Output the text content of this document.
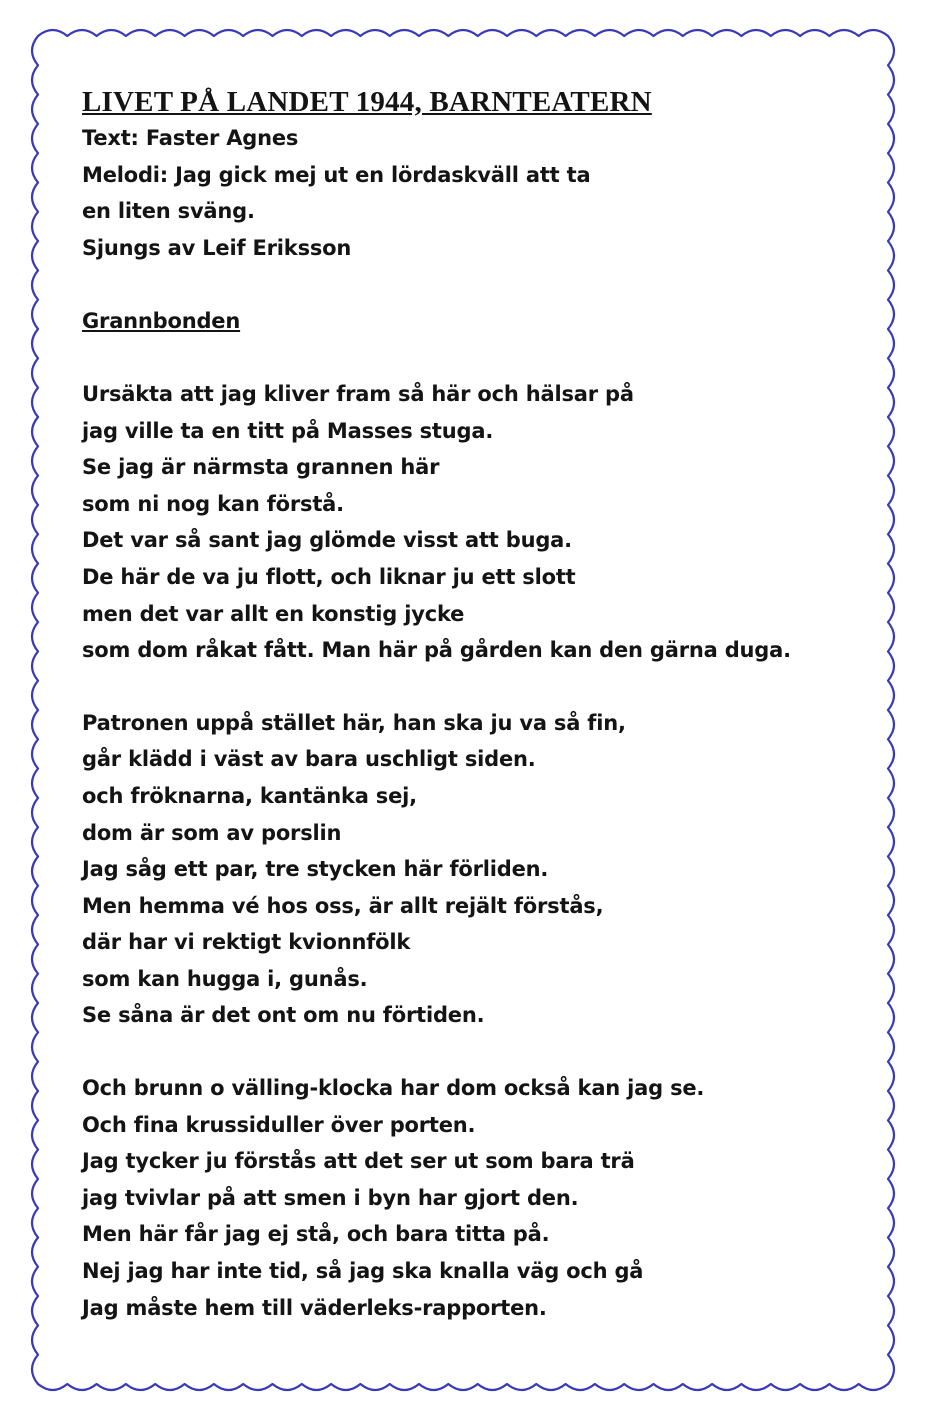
LIVET PÅ LANDET 1944, BARNTEATERN
Text: Faster Agnes
Melodi: Jag gick mej ut en lördaskväll att ta
en liten sväng.
Sjungs av Leif Eriksson
Grannbonden
Ursäkta att jag kliver fram så här och hälsar på
jag ville ta en titt på Masses stuga.
Se jag är närmsta grannen här
som ni nog kan förstå.
Det var så sant jag glömde visst att buga.
De här de va ju flott, och liknar ju ett slott
men det var allt en konstig jycke
som dom råkat fått. Man här på gården kan den gärna duga.
Patronen uppå stället här, han ska ju va så fin,
går klädd i väst av bara uschligt siden.
och fröknarna, kantänka sej,
dom är som av porslin
Jag såg ett par, tre stycken här förliden.
Men hemma vé hos oss, är allt rejält förstås,
där har vi rektigt kvionnfölk
som kan hugga i, gunås.
Se såna är det ont om nu förtiden.
Och brunn o välling-klocka har dom också kan jag se.
Och fina krussiduller över porten.
Jag tycker ju förstås att det ser ut som bara trä
jag tvivlar på att smen i byn har gjort den.
Men här får jag ej stå, och bara titta på.
Nej jag har inte tid, så jag ska knalla väg och gå
Jag måste hem till väderleks-rapporten.
